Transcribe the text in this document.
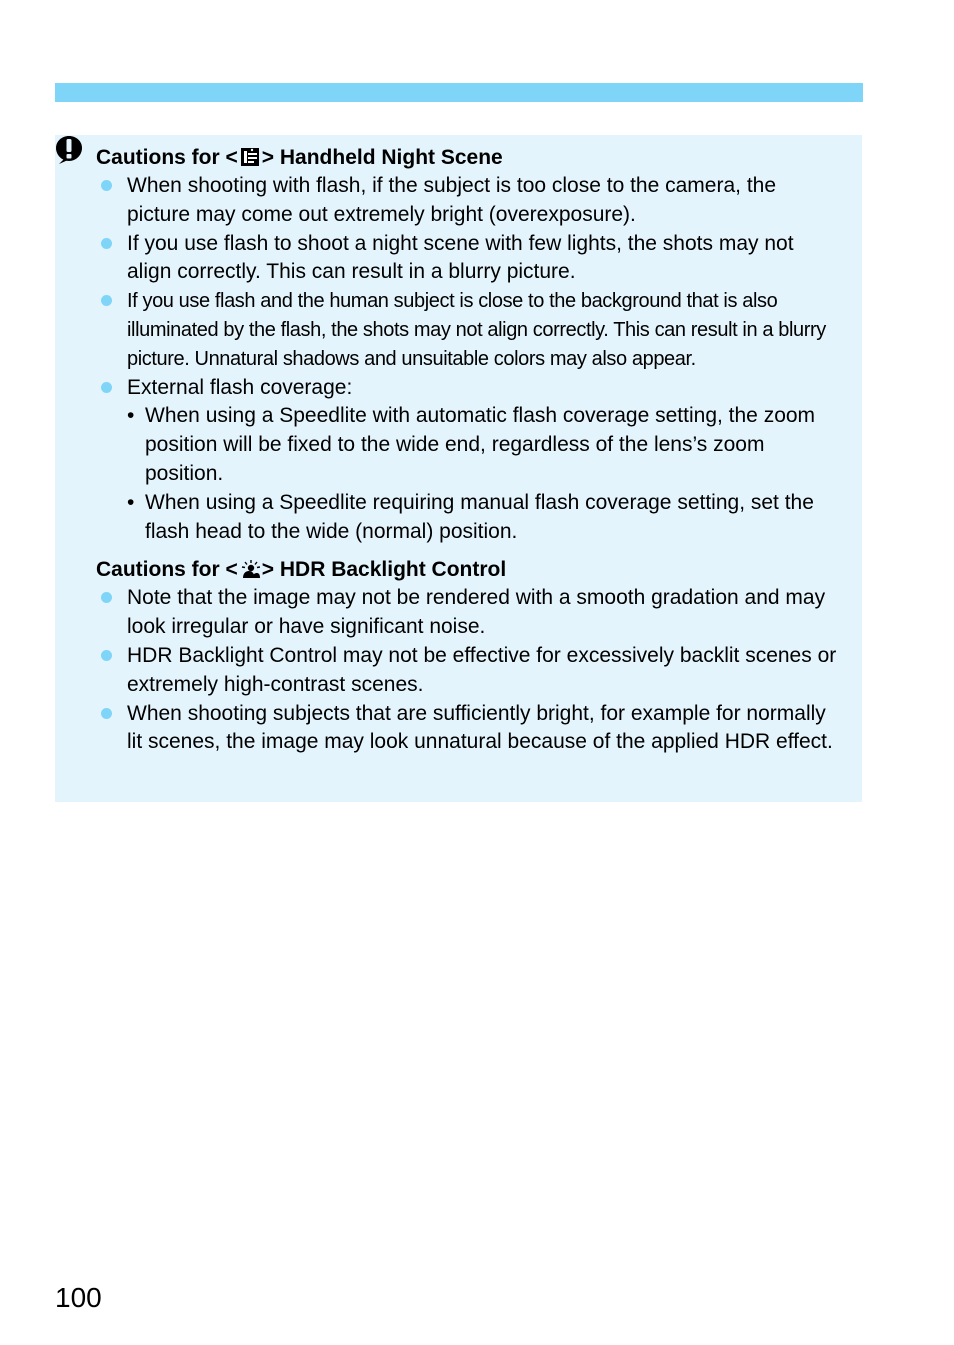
Cautions for < > Handheld Night Scene
When shooting with flash, if the subject is too close to the camera, the picture may come out extremely bright (overexposure).
If you use flash to shoot a night scene with few lights, the shots may not align correctly. This can result in a blurry picture.
If you use flash and the human subject is close to the background that is also illuminated by the flash, the shots may not align correctly. This can result in a blurry picture. Unnatural shadows and unsuitable colors may also appear.
External flash coverage:
• When using a Speedlite with automatic flash coverage setting, the zoom position will be fixed to the wide end, regardless of the lens’s zoom position.
• When using a Speedlite requiring manual flash coverage setting, set the flash head to the wide (normal) position.
Cautions for < > HDR Backlight Control
Note that the image may not be rendered with a smooth gradation and may look irregular or have significant noise.
HDR Backlight Control may not be effective for excessively backlit scenes or extremely high-contrast scenes.
When shooting subjects that are sufficiently bright, for example for normally lit scenes, the image may look unnatural because of the applied HDR effect.
100
